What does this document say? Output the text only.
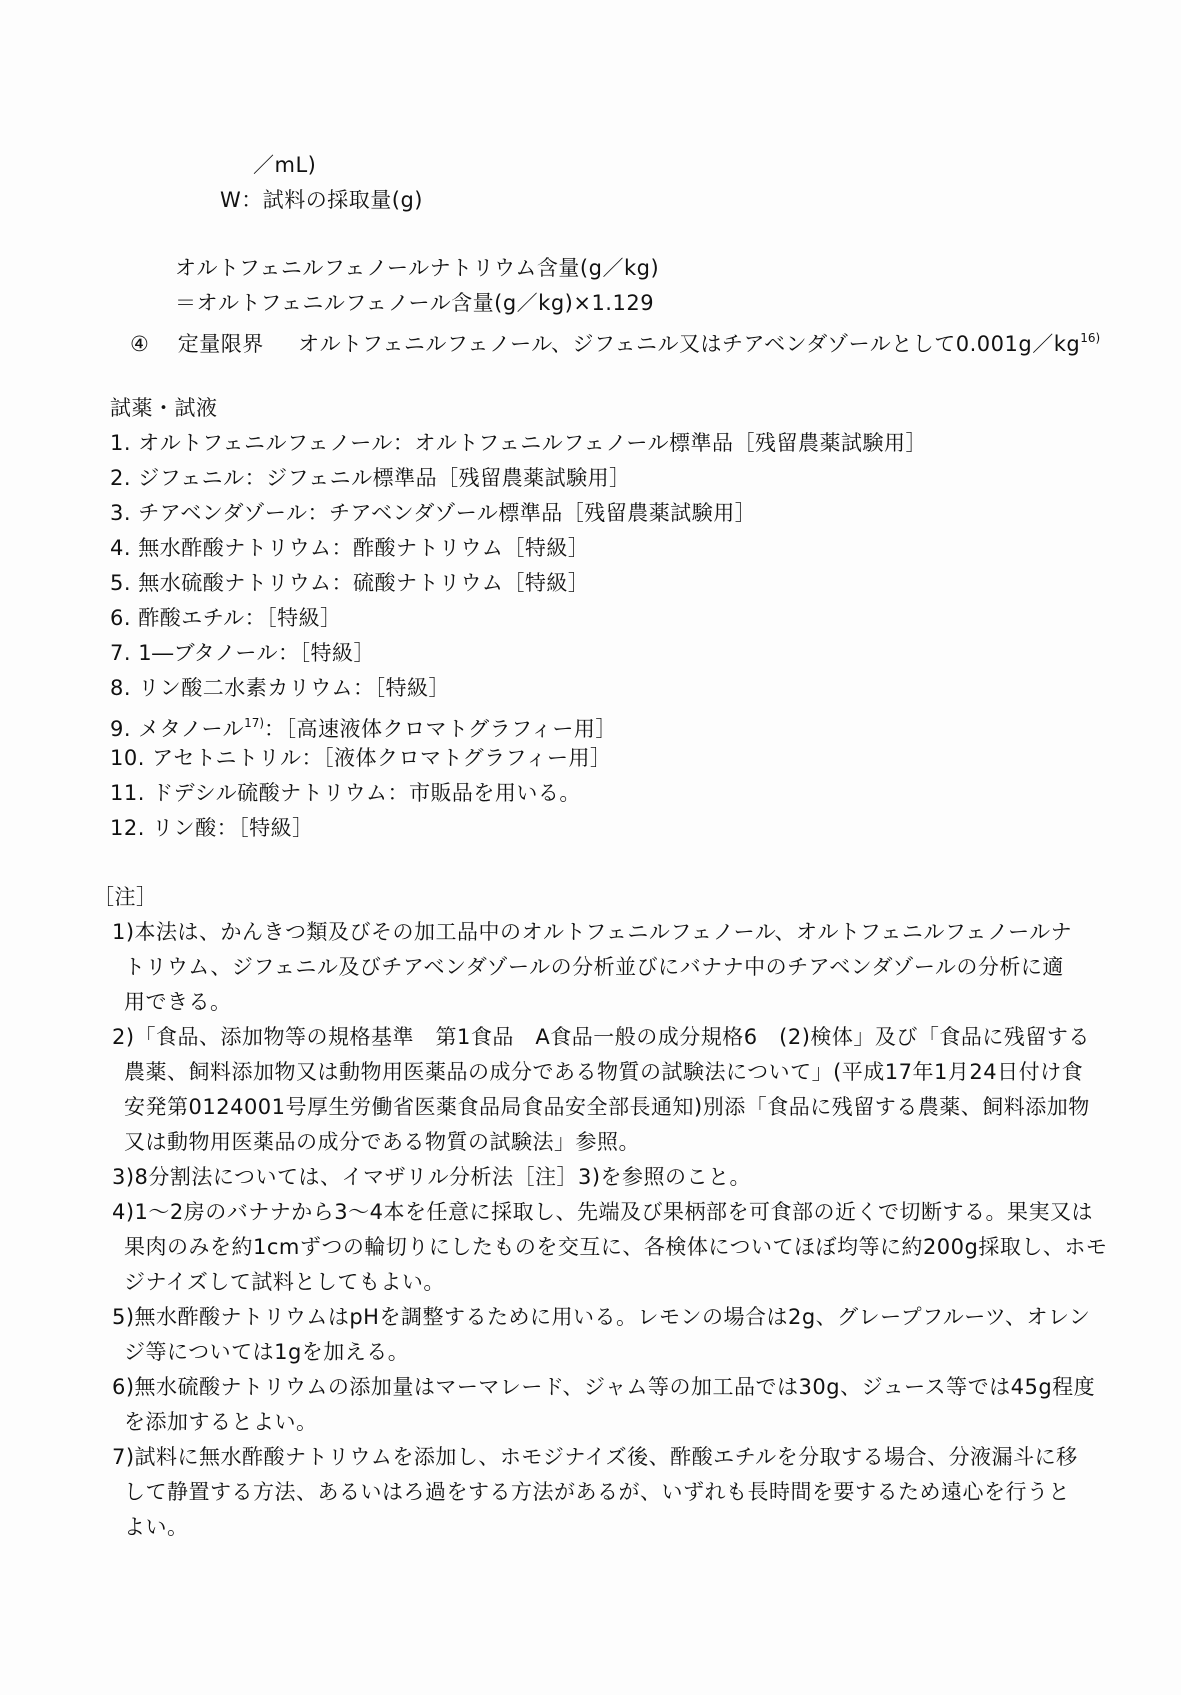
／mL)
W：試料の採取量(g)
オルトフェニルフェノールナトリウム含量(g／kg)
＝オルトフェニルフェノール含量(g／kg)×1.129
④ 定量限界 オルトフェニルフェノール、ジフェニル又はチアベンダゾールとして$0.001g/kg^{16)}$
試薬・試液
1. オルトフェニルフェノール：オルトフェニルフェノール標準品［残留農薬試験用］
2. ジフェニル：ジフェニル標準品［残留農薬試験用］
3. チアベンダゾール：チアベンダゾール標準品［残留農薬試験用］
4. 無水酢酸ナトリウム：酢酸ナトリウム［特級］
5. 無水硫酸ナトリウム：硫酸ナトリウム［特級］
6. 酢酸エチル：［特級］
7. 1―ブタノール：［特級］
8. リン酸二水素カリウム：［特級］
9. メタノール$^{17)}$：［高速液体クロマトグラフィー用］
10. アセトニトリル：［液体クロマトグラフィー用］
11. ドデシル硫酸ナトリウム：市販品を用いる。
12. リン酸：［特級］
［注］
1)本法は、かんきつ類及びその加工品中のオルトフェニルフェノール、オルトフェニルフェノールナ
トリウム、ジフェニル及びチアベンダゾールの分析並びにバナナ中のチアベンダゾールの分析に適
用できる。
2)「食品、添加物等の規格基準　第1食品　A食品一般の成分規格6　(2)検体」及び「食品に残留する
農薬、飼料添加物又は動物用医薬品の成分である物質の試験法について」(平成17年1月24日付け食
安発第0124001号厚生労働省医薬食品局食品安全部長通知)別添「食品に残留する農薬、飼料添加物
又は動物用医薬品の成分である物質の試験法」参照。
3)8分割法については、イマザリル分析法［注］3)を参照のこと。
4)1～2房のバナナから3～4本を任意に採取し、先端及び果柄部を可食部の近くで切断する。果実又は
果肉のみを約1cmずつの輪切りにしたものを交互に、各検体についてほぼ均等に約200g採取し、ホモ
ジナイズして試料としてもよい。
5)無水酢酸ナトリウムはpHを調整するために用いる。レモンの場合は2g、グレープフルーツ、オレン
ジ等については1gを加える。
6)無水硫酸ナトリウムの添加量はマーマレード、ジャム等の加工品では30g、ジュース等では45g程度
を添加するとよい。
7)試料に無水酢酸ナトリウムを添加し、ホモジナイズ後、酢酸エチルを分取する場合、分液漏斗に移
して静置する方法、あるいはろ過をする方法があるが、いずれも長時間を要するため遠心を行うと
よい。
